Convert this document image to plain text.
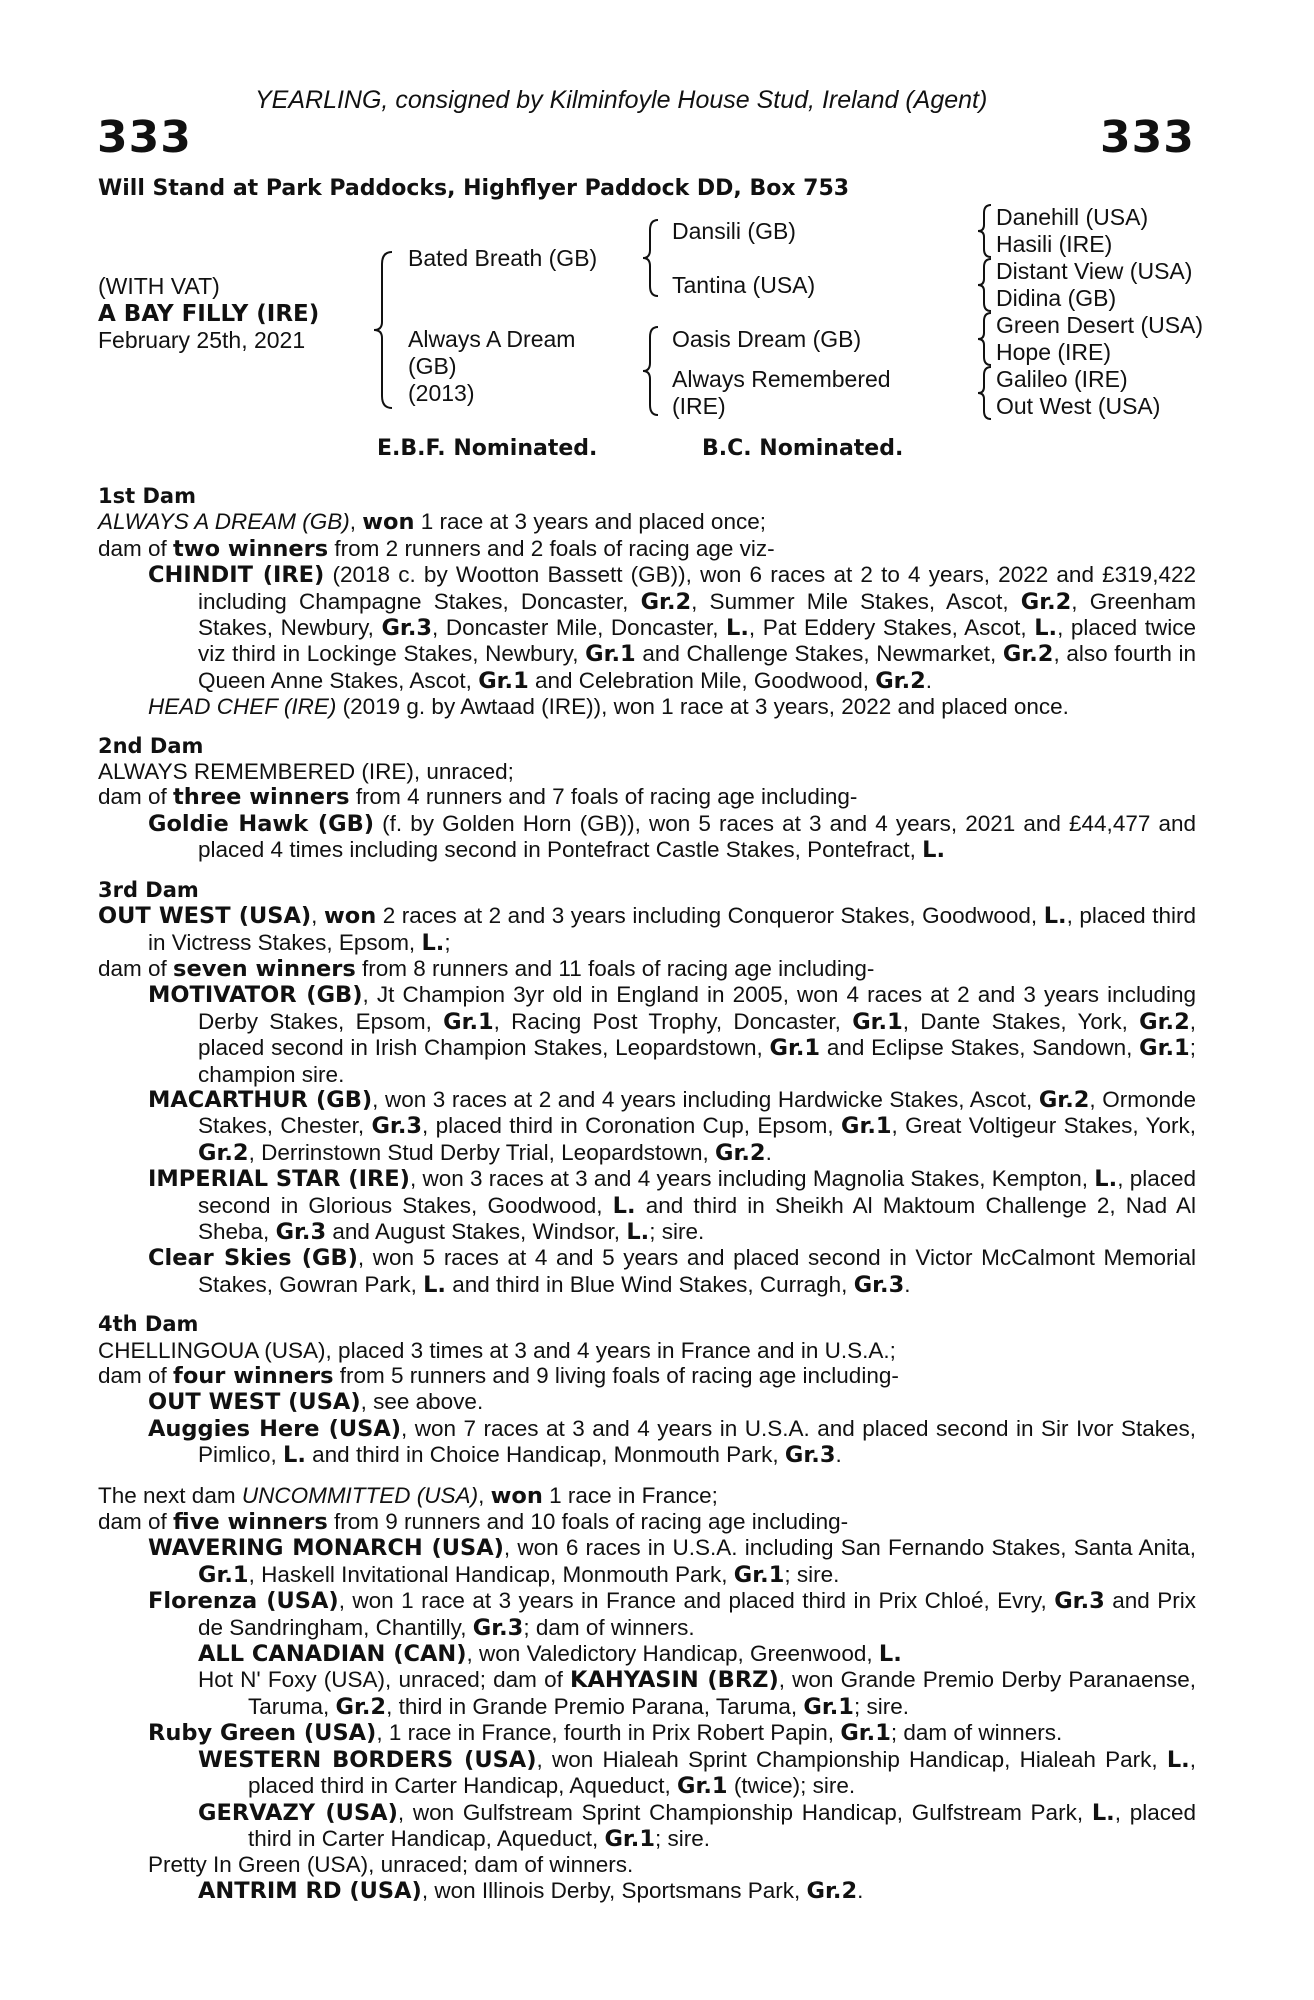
YEARLING, consigned by Kilminfoyle House Stud, Ireland (Agent)
333	333
Will Stand at Park Paddocks, Highflyer Paddock DD, Box 753
(WITH VAT)
A BAY FILLY (IRE)
February 25th, 2021
Bated Breath (GB)
Always A Dream
(GB)
(2013)
Dansili (GB)
Tantina (USA)
Oasis Dream (GB)
Always Remembered
(IRE)
Danehill (USA)
Hasili (IRE)
Distant View (USA)
Didina (GB)
Green Desert (USA)
Hope (IRE)
Galileo (IRE)
Out West (USA)
E.B.F. Nominated.	B.C. Nominated.
1st Dam
ALWAYS A DREAM (GB), won 1 race at 3 years and placed once;
dam of two winners from 2 runners and 2 foals of racing age viz-
CHINDIT (IRE) (2018 c. by Wootton Bassett (GB)), won 6 races at 2 to 4 years, 2022 and £319,422 including Champagne Stakes, Doncaster, Gr.2, Summer Mile Stakes, Ascot, Gr.2, Greenham Stakes, Newbury, Gr.3, Doncaster Mile, Doncaster, L., Pat Eddery Stakes, Ascot, L., placed twice viz third in Lockinge Stakes, Newbury, Gr.1 and Challenge Stakes, Newmarket, Gr.2, also fourth in Queen Anne Stakes, Ascot, Gr.1 and Celebration Mile, Goodwood, Gr.2.
HEAD CHEF (IRE) (2019 g. by Awtaad (IRE)), won 1 race at 3 years, 2022 and placed once.
2nd Dam
ALWAYS REMEMBERED (IRE), unraced;
dam of three winners from 4 runners and 7 foals of racing age including-
Goldie Hawk (GB) (f. by Golden Horn (GB)), won 5 races at 3 and 4 years, 2021 and £44,477 and placed 4 times including second in Pontefract Castle Stakes, Pontefract, L.
3rd Dam
OUT WEST (USA), won 2 races at 2 and 3 years including Conqueror Stakes, Goodwood, L., placed third in Victress Stakes, Epsom, L.;
dam of seven winners from 8 runners and 11 foals of racing age including-
MOTIVATOR (GB), Jt Champion 3yr old in England in 2005, won 4 races at 2 and 3 years including Derby Stakes, Epsom, Gr.1, Racing Post Trophy, Doncaster, Gr.1, Dante Stakes, York, Gr.2, placed second in Irish Champion Stakes, Leopardstown, Gr.1 and Eclipse Stakes, Sandown, Gr.1; champion sire.
MACARTHUR (GB), won 3 races at 2 and 4 years including Hardwicke Stakes, Ascot, Gr.2, Ormonde Stakes, Chester, Gr.3, placed third in Coronation Cup, Epsom, Gr.1, Great Voltigeur Stakes, York, Gr.2, Derrinstown Stud Derby Trial, Leopardstown, Gr.2.
IMPERIAL STAR (IRE), won 3 races at 3 and 4 years including Magnolia Stakes, Kempton, L., placed second in Glorious Stakes, Goodwood, L. and third in Sheikh Al Maktoum Challenge 2, Nad Al Sheba, Gr.3 and August Stakes, Windsor, L.; sire.
Clear Skies (GB), won 5 races at 4 and 5 years and placed second in Victor McCalmont Memorial Stakes, Gowran Park, L. and third in Blue Wind Stakes, Curragh, Gr.3.
4th Dam
CHELLINGOUA (USA), placed 3 times at 3 and 4 years in France and in U.S.A.;
dam of four winners from 5 runners and 9 living foals of racing age including-
OUT WEST (USA), see above.
Auggies Here (USA), won 7 races at 3 and 4 years in U.S.A. and placed second in Sir Ivor Stakes, Pimlico, L. and third in Choice Handicap, Monmouth Park, Gr.3.
The next dam UNCOMMITTED (USA), won 1 race in France;
dam of five winners from 9 runners and 10 foals of racing age including-
WAVERING MONARCH (USA), won 6 races in U.S.A. including San Fernando Stakes, Santa Anita, Gr.1, Haskell Invitational Handicap, Monmouth Park, Gr.1; sire.
Florenza (USA), won 1 race at 3 years in France and placed third in Prix Chloé, Evry, Gr.3 and Prix de Sandringham, Chantilly, Gr.3; dam of winners.
ALL CANADIAN (CAN), won Valedictory Handicap, Greenwood, L.
Hot N' Foxy (USA), unraced; dam of KAHYASIN (BRZ), won Grande Premio Derby Paranaense, Taruma, Gr.2, third in Grande Premio Parana, Taruma, Gr.1; sire.
Ruby Green (USA), 1 race in France, fourth in Prix Robert Papin, Gr.1; dam of winners.
WESTERN BORDERS (USA), won Hialeah Sprint Championship Handicap, Hialeah Park, L., placed third in Carter Handicap, Aqueduct, Gr.1 (twice); sire.
GERVAZY (USA), won Gulfstream Sprint Championship Handicap, Gulfstream Park, L., placed third in Carter Handicap, Aqueduct, Gr.1; sire.
Pretty In Green (USA), unraced; dam of winners.
ANTRIM RD (USA), won Illinois Derby, Sportsmans Park, Gr.2.
